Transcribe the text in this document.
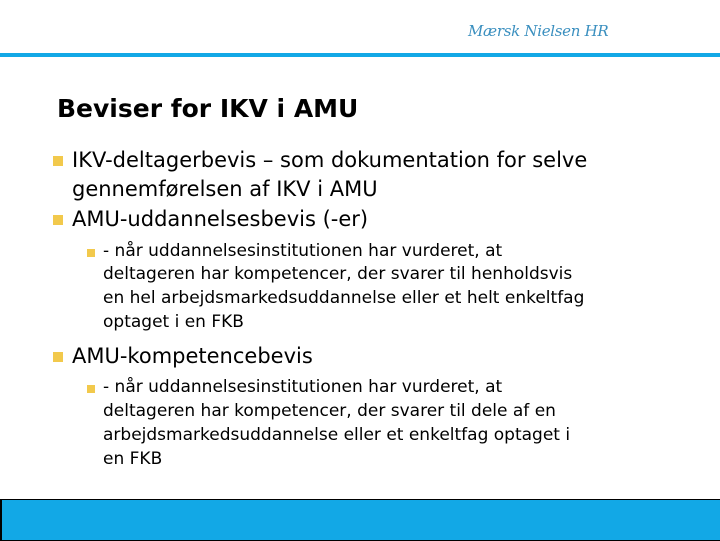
Mærsk Nielsen HR
Beviser for IKV i AMU

IKV-deltagerbevis – som dokumentation for selve

gennemførelsen af IKV i AMU

AMU-uddannelsesbevis (-er)

- når uddannelsesinstitutionen har vurderet, at

deltageren har kompetencer, der svarer til henholdsvis

en hel arbejdsmarkedsuddannelse eller et helt enkeltfag

optaget i en FKB

AMU-kompetencebevis

- når uddannelsesinstitutionen har vurderet, at

deltageren har kompetencer, der svarer til dele af en

arbejdsmarkedsuddannelse eller et enkeltfag optaget i

en FKB
